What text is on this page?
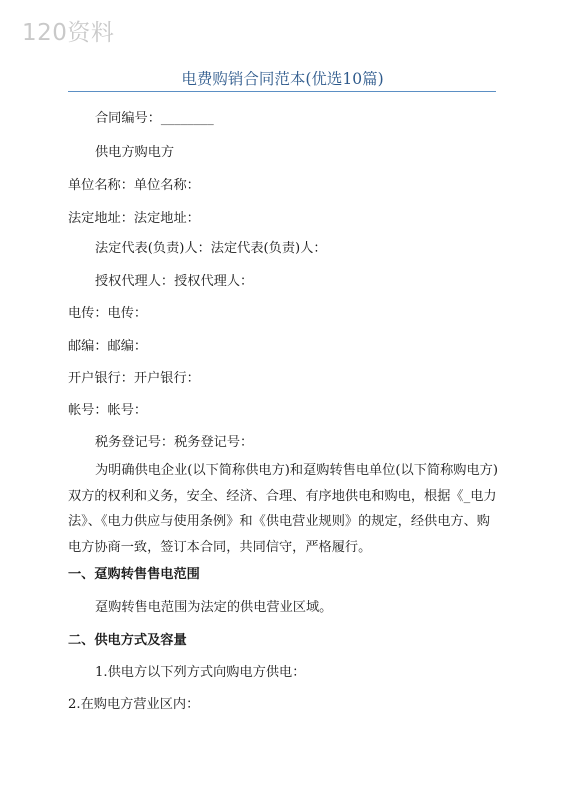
120资料
电费购销合同范本(优选10篇)
合同编号：________
供电方购电方
单位名称：单位名称：
法定地址：法定地址：
法定代表(负责)人：法定代表(负责)人：
授权代理人：授权代理人：
电传：电传：
邮编：邮编：
开户银行：开户银行：
帐号：帐号：
税务登记号：税务登记号：
为明确供电企业(以下简称供电方)和趸购转售电单位(以下简称购电方)双方的权利和义务，安全、经济、合理、有序地供电和购电，根据《_电力法》、《电力供应与使用条例》和《供电营业规则》的规定，经供电方、购电方协商一致，签订本合同，共同信守，严格履行。
一、趸购转售售电范围
趸购转售电范围为法定的供电营业区域。
二、供电方式及容量
1.供电方以下列方式向购电方供电：
2.在购电方营业区内：
